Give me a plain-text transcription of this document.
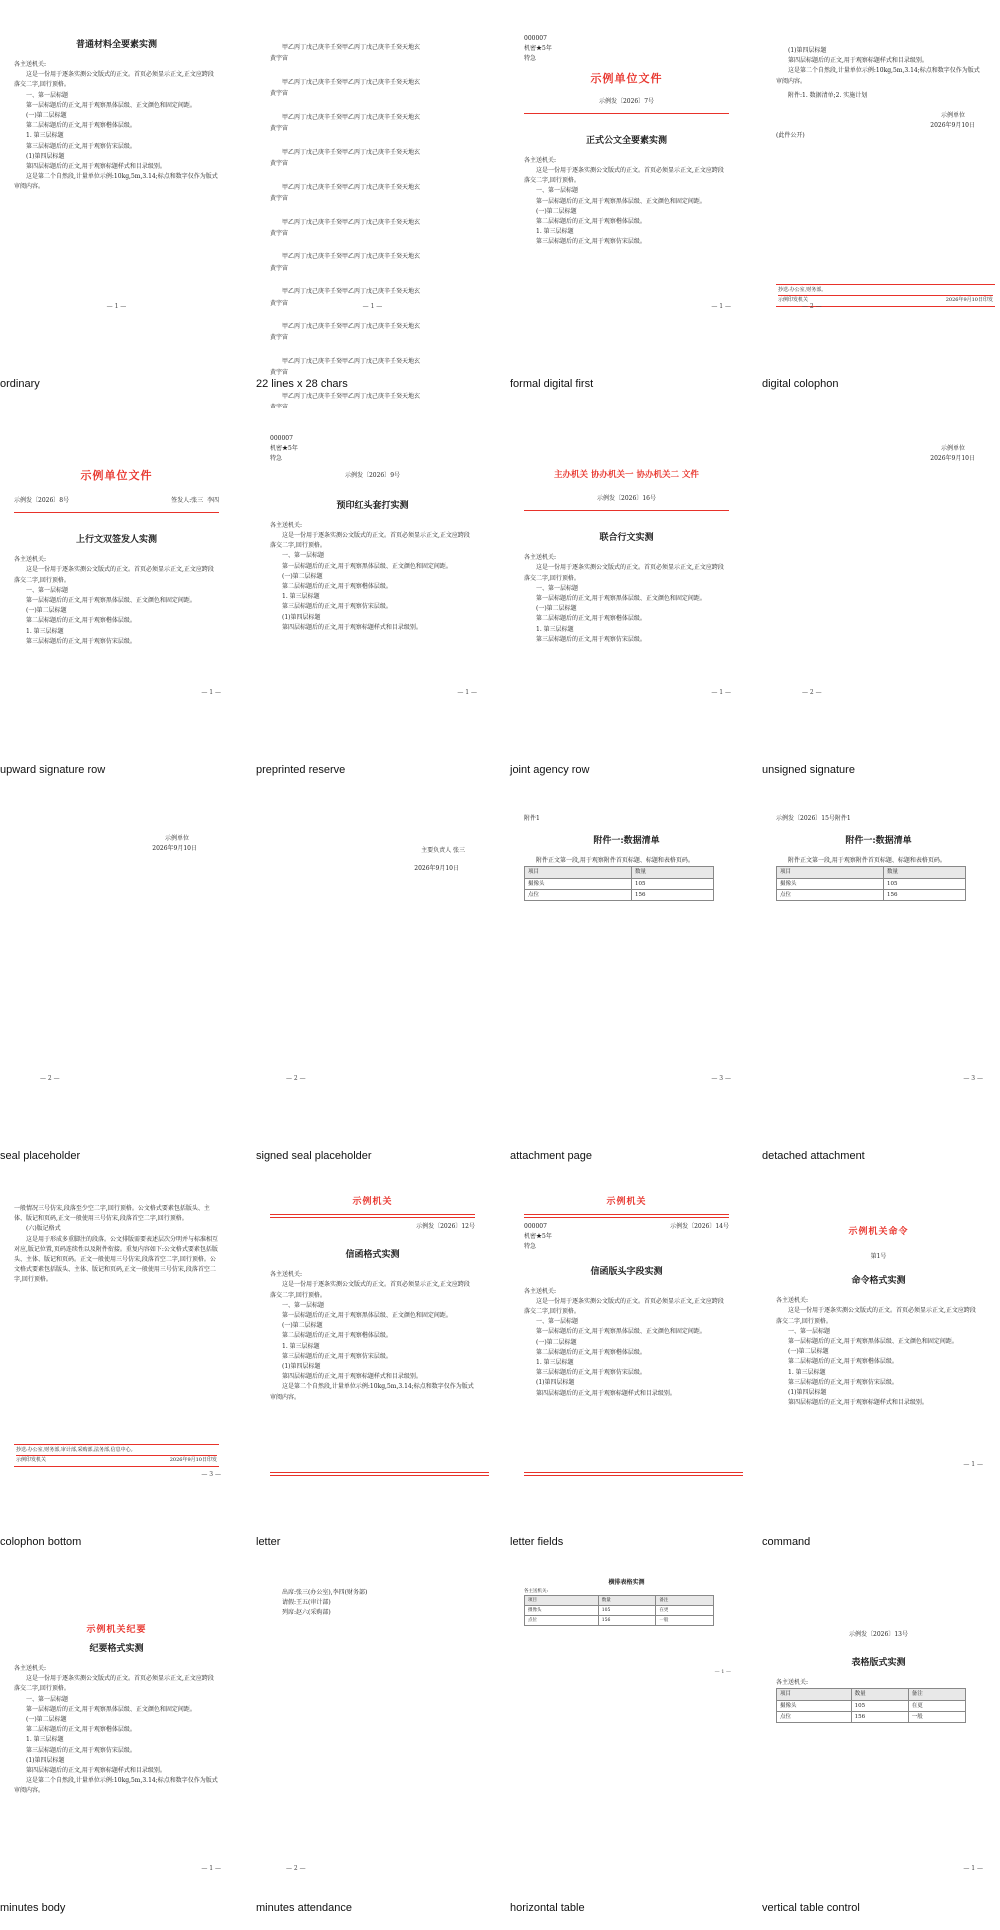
普通材料全要素实测

各主送机关:

这是一份用于逐条实测公文版式的正文。首页必须显示正文,正文应跨段落交二字,回行顶格。

一、第一层标题

第一层标题后的正文,用于观察黑体层级、正文颜色和固定间距。

(一)第二层标题

第二层标题后的正文,用于观察楷体层级。

1. 第三层标题

第三层标题后的正文,用于观察仿宋层级。

(1)第四层标题

第四层标题后的正文,用于观察标题样式和目录级别。

这是第二个自然段,计量单位示例:10kg,5m,3.14;标点和数字仅作为版式审阅内容。

— 1 —
ordinary

甲乙丙丁戊己庚辛壬癸甲乙丙丁戊己庚辛壬癸天地玄

黄宇宙

甲乙丙丁戊己庚辛壬癸甲乙丙丁戊己庚辛壬癸天地玄

黄宇宙

甲乙丙丁戊己庚辛壬癸甲乙丙丁戊己庚辛壬癸天地玄

黄宇宙

甲乙丙丁戊己庚辛壬癸甲乙丙丁戊己庚辛壬癸天地玄

黄宇宙

甲乙丙丁戊己庚辛壬癸甲乙丙丁戊己庚辛壬癸天地玄

黄宇宙

甲乙丙丁戊己庚辛壬癸甲乙丙丁戊己庚辛壬癸天地玄

黄宇宙

甲乙丙丁戊己庚辛壬癸甲乙丙丁戊己庚辛壬癸天地玄

黄宇宙

甲乙丙丁戊己庚辛壬癸甲乙丙丁戊己庚辛壬癸天地玄

黄宇宙

甲乙丙丁戊己庚辛壬癸甲乙丙丁戊己庚辛壬癸天地玄

黄宇宙

甲乙丙丁戊己庚辛壬癸甲乙丙丁戊己庚辛壬癸天地玄

黄宇宙

甲乙丙丁戊己庚辛壬癸甲乙丙丁戊己庚辛壬癸天地玄

— 1 —
22 lines x 28 chars

000007

机密★5年

特急

示例单位文件

示例发〔2026〕7号

正式公文全要素实测

各主送机关:

这是一份用于逐条实测公文版式的正文。首页必须显示正文,正文应跨段落交二字,回行顶格。

一、第一层标题

第一层标题后的正文,用于观察黑体层级、正文颜色和固定间距。

(一)第二层标题

第二层标题后的正文,用于观察楷体层级。

1. 第三层标题

第三层标题后的正文,用于观察仿宋层级。

— 1 —
formal digital first

(1)第四层标题

第四层标题后的正文,用于观察标题样式和目录级别。

这是第二个自然段,计量单位示例:10kg,5m,3.14;标点和数字仅作为版式审阅内容。

附件:1. 数据清单;2. 实施计划

示例单位

2026年9月10日

(此件公开)

抄送:办公室,财务部。
示例印发机关	2026年9月10日印发
— 2 —
digital colophon

示例单位文件

示例发〔2026〕8号	签发人:张三 李四

上行文双签发人实测

各主送机关:

这是一份用于逐条实测公文版式的正文。首页必须显示正文,正文应跨段落交二字,回行顶格。

一、第一层标题

第一层标题后的正文,用于观察黑体层级、正文颜色和固定间距。

(一)第二层标题

第二层标题后的正文,用于观察楷体层级。

1. 第三层标题

第三层标题后的正文,用于观察仿宋层级。

— 1 —
upward signature row

000007

机密★5年

特急

示例发〔2026〕9号

预印红头套打实测

各主送机关:

这是一份用于逐条实测公文版式的正文。首页必须显示正文,正文应跨段落交二字,回行顶格。

一、第一层标题

第一层标题后的正文,用于观察黑体层级、正文颜色和固定间距。

(一)第二层标题

第二层标题后的正文,用于观察楷体层级。

1. 第三层标题

第三层标题后的正文,用于观察仿宋层级。

(1)第四层标题

第四层标题后的正文,用于观察标题样式和目录级别。

— 1 —
preprinted reserve

主办机关 协办机关一 协办机关二 文件

示例发〔2026〕16号

联合行文实测

各主送机关:

这是一份用于逐条实测公文版式的正文。首页必须显示正文,正文应跨段落交二字,回行顶格。

一、第一层标题

第一层标题后的正文,用于观察黑体层级、正文颜色和固定间距。

(一)第二层标题

第二层标题后的正文,用于观察楷体层级。

1. 第三层标题

第三层标题后的正文,用于观察仿宋层级。

— 1 —
joint agency row

示例单位

2026年9月10日

— 2 —
unsigned signature

示例单位

2026年9月10日

— 2 —
seal placeholder

主要负责人 张三

2026年9月10日

— 2 —
signed seal placeholder

附件1

附件一:数据清单

附件正文第一段,用于观察附件首页标题、标题和表格页码。

项目	数量
摄像头	105
点位	156
— 3 —
attachment page

示例发〔2026〕15号附件1

附件一:数据清单

附件正文第一段,用于观察附件首页标题、标题和表格页码。

项目	数量
摄像头	105
点位	156
— 3 —
detached attachment

一般情况三号仿宋,段落至少空二字,回行顶格。公文格式要素包括版头、主体、版记和页码,正文一般使用三号仿宋,段落首空二字,回行顶格。

(六)版记格式

这是用于形成多重脚注的段落。公文排版需要表述层次分明并与标准相互对应,版记位置,页码连续性以及附件衔接。重复内容如下:公文格式要素包括版头、主体、版记和页码。正文一般使用三号仿宋,段落首空二字,回行顶格。公文格式要素包括版头、主体、版记和页码,正文一般使用三号仿宋,段落首空二字,回行顶格。

抄送:办公室,财务部,审计部,采购部,法务部,信息中心。
示例印发机关	2026年9月10日印发
— 3 —
colophon bottom

示例机关

示例发〔2026〕12号

信函格式实测

各主送机关:

这是一份用于逐条实测公文版式的正文。首页必须显示正文,正文应跨段落交二字,回行顶格。

一、第一层标题

第一层标题后的正文,用于观察黑体层级、正文颜色和固定间距。

(一)第二层标题

第二层标题后的正文,用于观察楷体层级。

1. 第三层标题

第三层标题后的正文,用于观察仿宋层级。

(1)第四层标题

第四层标题后的正文,用于观察标题样式和目录级别。

这是第二个自然段,计量单位示例:10kg,5m,3.14;标点和数字仅作为版式审阅内容。

letter

示例机关

000007	示例发〔2026〕14号

机密★5年

特急

信函版头字段实测

各主送机关:

这是一份用于逐条实测公文版式的正文。首页必须显示正文,正文应跨段落交二字,回行顶格。

一、第一层标题

第一层标题后的正文,用于观察黑体层级、正文颜色和固定间距。

(一)第二层标题

第二层标题后的正文,用于观察楷体层级。

1. 第三层标题

第三层标题后的正文,用于观察仿宋层级。

(1)第四层标题

第四层标题后的正文,用于观察标题样式和目录级别。

letter fields

示例机关命令

第1号

命令格式实测

各主送机关:

这是一份用于逐条实测公文版式的正文。首页必须显示正文,正文应跨段落交二字,回行顶格。

一、第一层标题

第一层标题后的正文,用于观察黑体层级、正文颜色和固定间距。

(一)第二层标题

第二层标题后的正文,用于观察楷体层级。

1. 第三层标题

第三层标题后的正文,用于观察仿宋层级。

(1)第四层标题

第四层标题后的正文,用于观察标题样式和目录级别。

— 1 —
command

示例机关纪要

纪要格式实测

各主送机关:

这是一份用于逐条实测公文版式的正文。首页必须显示正文,正文应跨段落交二字,回行顶格。

一、第一层标题

第一层标题后的正文,用于观察黑体层级、正文颜色和固定间距。

(一)第二层标题

第二层标题后的正文,用于观察楷体层级。

1. 第三层标题

第三层标题后的正文,用于观察仿宋层级。

(1)第四层标题

第四层标题后的正文,用于观察标题样式和目录级别。

这是第二个自然段,计量单位示例:10kg,5m,3.14;标点和数字仅作为版式审阅内容。

— 1 —
minutes body

出席:张三(办公室),李四(财务部)

请假:王五(审计部)

列席:赵六(采购部)

— 2 —
minutes attendance

横排表格实测

各主送机关:

项目	数量	备注
摄像头	105	在更
点位	156	一般
— 1 —
horizontal table

示例发〔2026〕13号

表格版式实测

各主送机关:

项目	数量	备注
摄像头	105	在更
点位	156	一般
— 1 —
vertical table control
